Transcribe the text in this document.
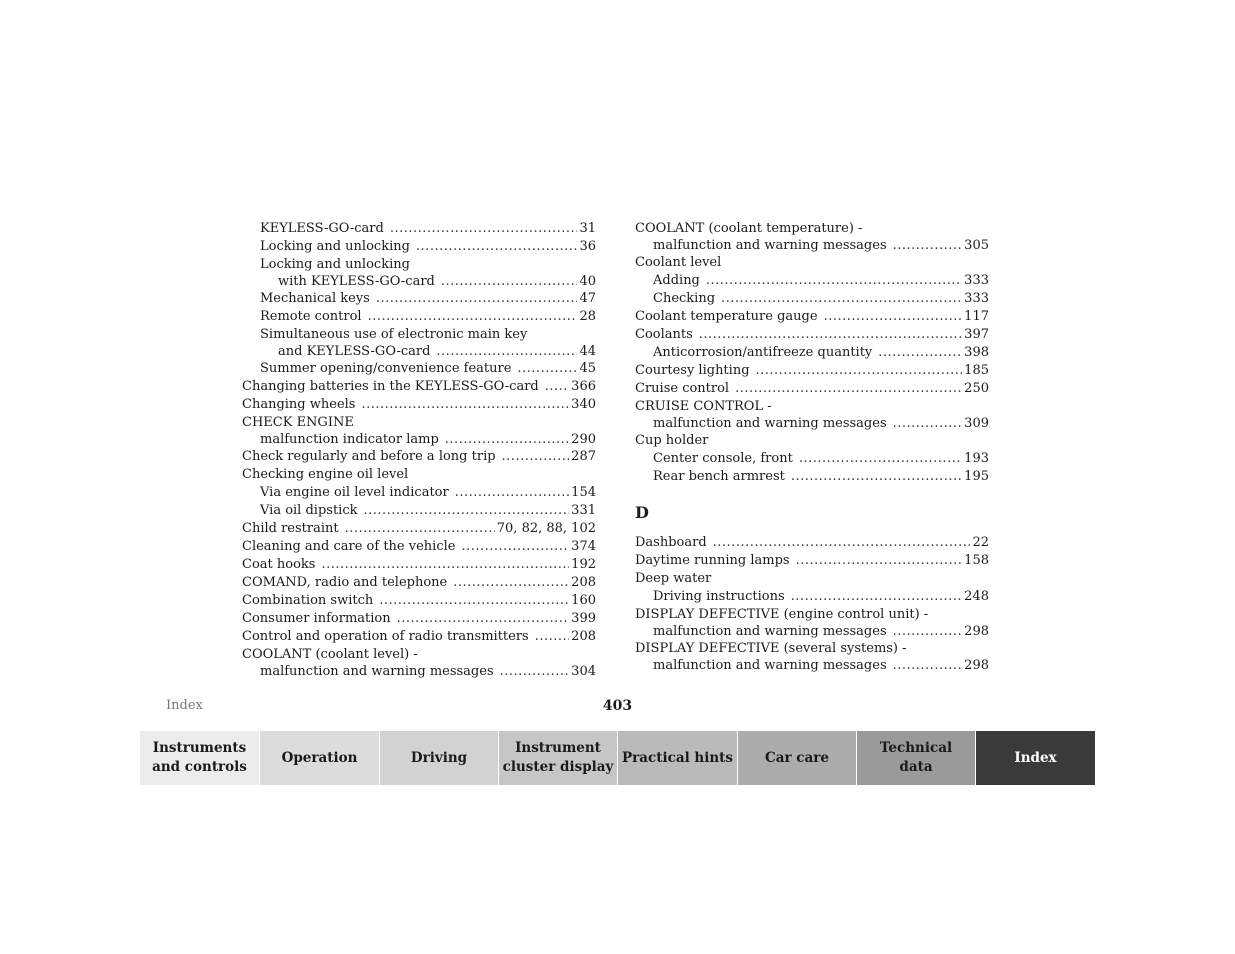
KEYLESS-GO-card .....	31
Locking and unlocking .....	36
Locking and unlocking
with KEYLESS-GO-card .....	40
Mechanical keys .....	47
Remote control .....	28
Simultaneous use of electronic main key
and KEYLESS-GO-card .....	44
Summer opening/convenience feature .....	45
Changing batteries in the KEYLESS-GO-card ..... 366
Changing wheels .....	340
CHECK ENGINE
malfunction indicator lamp .....	290
Check regularly and before a long trip .....	287
Checking engine oil level
Via engine oil level indicator .....	154
Via oil dipstick .....	331
Child restraint .....	70, 82, 88, 102
Cleaning and care of the vehicle .....	374
Coat hooks .....	192
COMAND, radio and telephone .....	208
Combination switch .....	160
Consumer information .....	399
Control and operation of radio transmitters .....	208
COOLANT (coolant level) -
malfunction and warning messages .....	304
COOLANT (coolant temperature) -
malfunction and warning messages .....	305
Coolant level
Adding .....	333
Checking .....	333
Coolant temperature gauge .....	117
Coolants .....	397
Anticorrosion/antifreeze quantity .....	398
Courtesy lighting .....	185
Cruise control .....	250
CRUISE CONTROL -
malfunction and warning messages .....	309
Cup holder
Center console, front .....	193
Rear bench armrest .....	195
D
Dashboard .....	22
Daytime running lamps .....	158
Deep water
Driving instructions .....	248
DISPLAY DEFECTIVE (engine control unit) -
malfunction and warning messages .....	298
DISPLAY DEFECTIVE (several systems) -
malfunction and warning messages .....	298
Index	403
Instruments
and controls
Operation	Driving
Instrument
cluster display
Practical hints	Car care
Technical
data
Index
